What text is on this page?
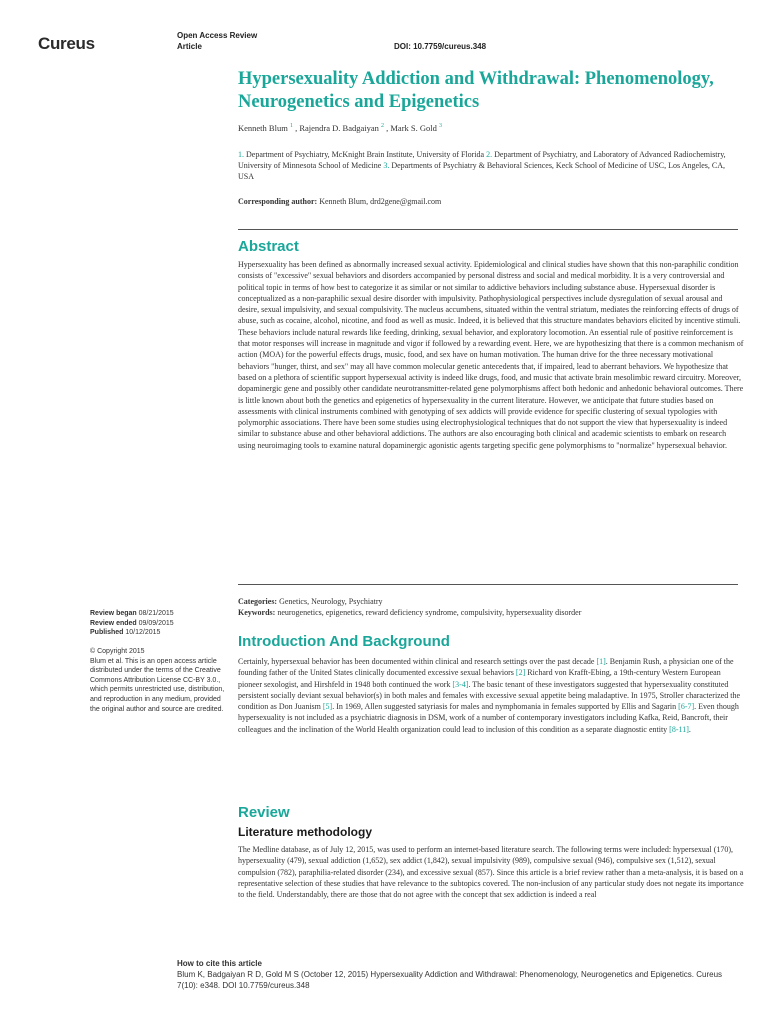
Cureus	Open Access Review
Article	DOI: 10.7759/cureus.348
Hypersexuality Addiction and Withdrawal: Phenomenology, Neurogenetics and Epigenetics
Kenneth Blum $^1$ , Rajendra D. Badgaiyan $^2$ , Mark S. Gold $^3$
1. Department of Psychiatry, McKnight Brain Institute, University of Florida 2. Department of Psychiatry, and Laboratory of Advanced Radiochemistry, University of Minnesota School of Medicine 3. Departments of Psychiatry & Behavioral Sciences, Keck School of Medicine of USC, Los Angeles, CA, USA
Corresponding author: Kenneth Blum, drd2gene@gmail.com
Abstract
Hypersexuality has been defined as abnormally increased sexual activity. Epidemiological and clinical studies have shown that this non-paraphilic condition consists of "excessive" sexual behaviors and disorders accompanied by personal distress and social and medical morbidity. It is a very controversial and political topic in terms of how best to categorize it as similar or not similar to addictive behaviors including substance abuse. Hypersexual disorder is conceptualized as a non-paraphilic sexual desire disorder with impulsivity. Pathophysiological perspectives include dysregulation of sexual arousal and desire, sexual impulsivity, and sexual compulsivity. The nucleus accumbens, situated within the ventral striatum, mediates the reinforcing effects of drugs of abuse, such as cocaine, alcohol, nicotine, and food as well as music. Indeed, it is believed that this structure mandates behaviors elicited by incentive stimuli. These behaviors include natural rewards like feeding, drinking, sexual behavior, and exploratory locomotion. An essential rule of positive reinforcement is that motor responses will increase in magnitude and vigor if followed by a rewarding event. Here, we are hypothesizing that there is a common mechanism of action (MOA) for the powerful effects drugs, music, food, and sex have on human motivation. The human drive for the three necessary motivational behaviors "hunger, thirst, and sex" may all have common molecular genetic antecedents that, if impaired, lead to aberrant behaviors. We hypothesize that based on a plethora of scientific support hypersexual activity is indeed like drugs, food, and music that activate brain mesolimbic reward circuitry. Moreover, dopaminergic gene and possibly other candidate neurotransmitter-related gene polymorphisms affect both hedonic and anhedonic behavioral outcomes. There is little known about both the genetics and epigenetics of hypersexuality in the current literature. However, we anticipate that future studies based on assessments with clinical instruments combined with genotyping of sex addicts will provide evidence for specific clustering of sexual typologies with polymorphic associations. There have been some studies using electrophysiological techniques that do not support the view that hypersexuality is indeed similar to substance abuse and other behavioral addictions. The authors are also encouraging both clinical and academic scientists to embark on research using neuroimaging tools to examine natural dopaminergic agonistic agents targeting specific gene polymorphisms to "normalize" hypersexual behavior.
Categories: Genetics, Neurology, Psychiatry
Keywords: neurogenetics, epigenetics, reward deficiency syndrome, compulsivity, hypersexuality disorder
Review began 08/21/2015
Review ended 09/09/2015
Published 10/12/2015
© Copyright 2015
Blum et al. This is an open access article distributed under the terms of the Creative Commons Attribution License CC-BY 3.0., which permits unrestricted use, distribution, and reproduction in any medium, provided the original author and source are credited.
Introduction And Background
Certainly, hypersexual behavior has been documented within clinical and research settings over the past decade [1]. Benjamin Rush, a physician one of the founding father of the United States clinically documented excessive sexual behaviors [2] Richard von Krafft-Ebing, a 19th-century Western European pioneer sexologist, and Hirshfeld in 1948 both continued the work [3-4]. The basic tenant of these investigators suggested that hypersexuality constituted persistent socially deviant sexual behavior(s) in both males and females with excessive sexual appetite being maladaptive. In 1975, Stroller characterized the condition as Don Juanism [5]. In 1969, Allen suggested satyriasis for males and nymphomania in females supported by Ellis and Sagarin [6-7]. Even though hypersexuality is not included as a psychiatric diagnosis in DSM, work of a number of contemporary investigators including Kafka, Reid, Bancroft, their colleagues and the inclination of the World Health organization could lead to inclusion of this condition as a separate diagnostic entity [8-11].
Review
Literature methodology
The Medline database, as of July 12, 2015, was used to perform an internet-based literature search. The following terms were included: hypersexual (170), hypersexuality (479), sexual addiction (1,652), sex addict (1,842), sexual impulsivity (989), compulsive sexual (946), compulsive sex (1,512), sexual compulsion (782), paraphilia-related disorder (234), and excessive sexual (857). Since this article is a brief review rather than a meta-analysis, it is based on a representative selection of these studies that have relevance to the subtopics covered. The non-inclusion of any particular study does not negate its importance to the field. Understandably, there are those that do not agree with the concept that sex addiction is indeed a real
How to cite this article
Blum K, Badgaiyan R D, Gold M S (October 12, 2015) Hypersexuality Addiction and Withdrawal: Phenomenology, Neurogenetics and Epigenetics. Cureus 7(10): e348. DOI 10.7759/cureus.348
